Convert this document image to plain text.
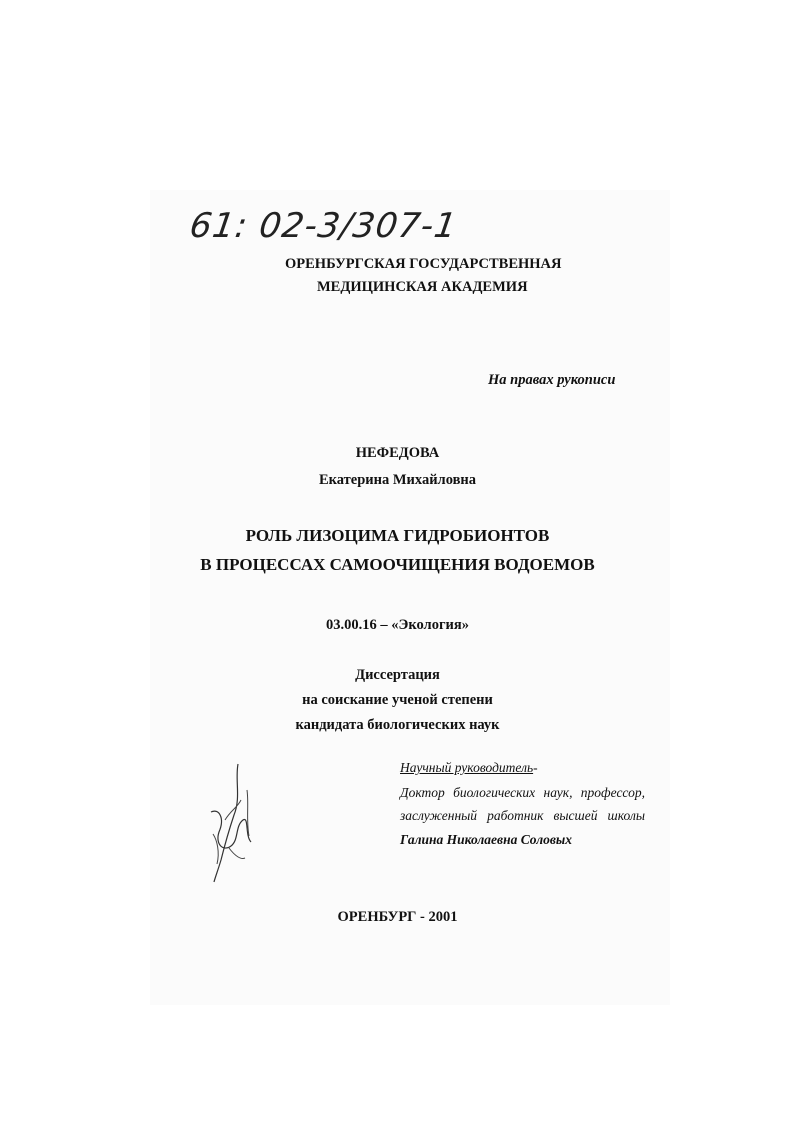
61: 02-3/307-1
ОРЕНБУРГСКАЯ ГОСУДАРСТВЕННАЯ
МЕДИЦИНСКАЯ АКАДЕМИЯ
На правах рукописи
НЕФЕДОВА
Екатерина Михайловна
РОЛЬ ЛИЗОЦИМА ГИДРОБИОНТОВ
В ПРОЦЕССАХ САМООЧИЩЕНИЯ ВОДОЕМОВ
03.00.16 – «Экология»
Диссертация
на соискание ученой степени
кандидата биологических наук
Научный руководитель-
Доктор биологических наук, профессор,
заслуженный работник высшей школы
Галина Николаевна Соловых
ОРЕНБУРГ - 2001
